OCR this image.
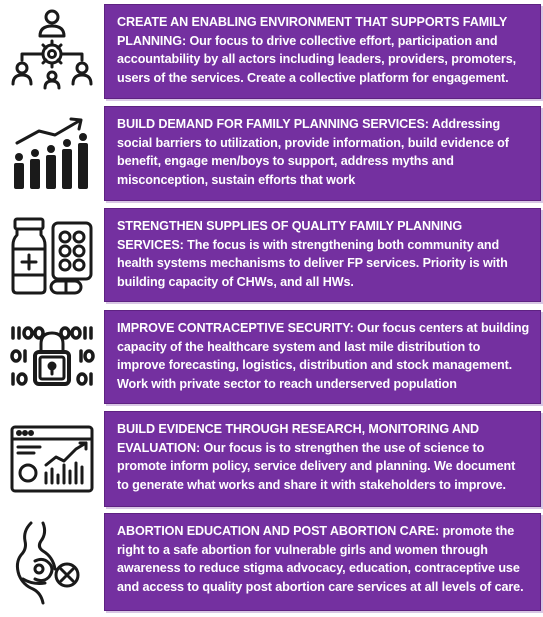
CREATE AN ENABLING ENVIRONMENT THAT SUPPORTS FAMILY PLANNING: Our focus to drive collective effort, participation and accountability by all actors including leaders, providers, promoters, users of the services. Create a collective platform for engagement.
BUILD DEMAND FOR FAMILY PLANNING SERVICES: Addressing social barriers to utilization, provide information, build evidence of benefit, engage men/boys to support, address myths and misconception, sustain efforts that work
STRENGTHEN SUPPLIES OF QUALITY FAMILY PLANNING SERVICES: The focus is with strengthening both community and health systems mechanisms to deliver FP services. Priority is with building capacity of CHWs, and all HWs.
IMPROVE CONTRACEPTIVE SECURITY: Our focus centers at building capacity of the healthcare system and last mile distribution to improve forecasting, logistics, distribution and stock management. Work with private sector to reach underserved population
BUILD EVIDENCE THROUGH RESEARCH, MONITORING AND EVALUATION: Our focus is to strengthen the use of science to promote inform policy, service delivery and planning. We document to generate what works and share it with stakeholders to improve.
ABORTION EDUCATION AND POST ABORTION CARE: promote the right to a safe abortion for vulnerable girls and women through awareness to reduce stigma advocacy, education, contraceptive use and access to quality post abortion care services at all levels of care.
